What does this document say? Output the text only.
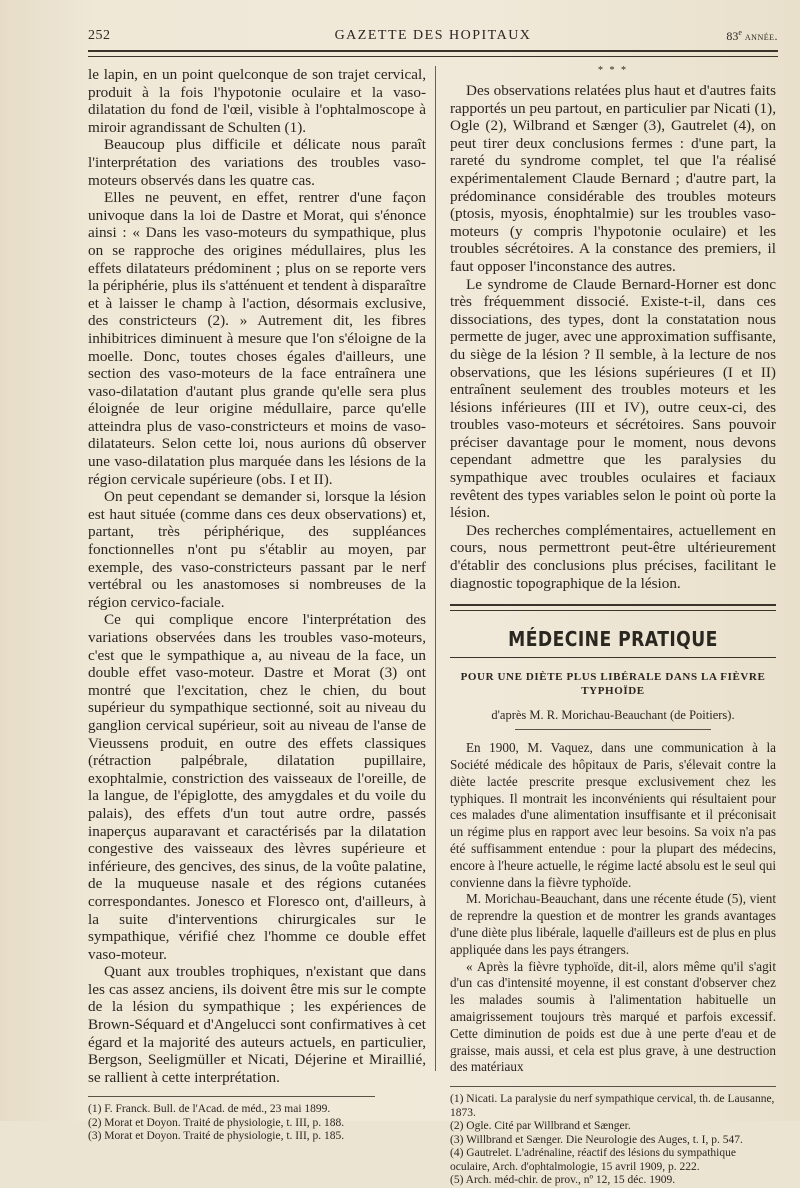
GAZETTE DES HOPITAUX
252	83e année.

le lapin, en un point quelconque de son trajet cervical, produit à la fois l'hypotonie oculaire et la vaso-dilatation du fond de l'œil, visible à l'ophtalmoscope à miroir agrandissant de Schulten (1).

Beaucoup plus difficile et délicate nous paraît l'interprétation des variations des troubles vaso-moteurs observés dans les quatre cas.

Elles ne peuvent, en effet, rentrer d'une façon univoque dans la loi de Dastre et Morat, qui s'énonce ainsi : « Dans les vaso-moteurs du sympathique, plus on se rapproche des origines médullaires, plus les effets dilatateurs prédominent ; plus on se reporte vers la périphérie, plus ils s'atténuent et tendent à disparaître et à laisser le champ à l'action, désormais exclusive, des constricteurs (2). » Autrement dit, les fibres inhibitrices diminuent à mesure que l'on s'éloigne de la moelle. Donc, toutes choses égales d'ailleurs, une section des vaso-moteurs de la face entraînera une vaso-dilatation d'autant plus grande qu'elle sera plus éloignée de leur origine médullaire, parce qu'elle atteindra plus de vaso-constricteurs et moins de vaso-dilatateurs. Selon cette loi, nous aurions dû observer une vaso-dilatation plus marquée dans les lésions de la région cervicale supérieure (obs. I et II).

On peut cependant se demander si, lorsque la lésion est haut située (comme dans ces deux observations) et, partant, très périphérique, des suppléances fonctionnelles n'ont pu s'établir au moyen, par exemple, des vaso-constricteurs passant par le nerf vertébral ou les anastomoses si nombreuses de la région cervico-faciale.

Ce qui complique encore l'interprétation des variations observées dans les troubles vaso-moteurs, c'est que le sympathique a, au niveau de la face, un double effet vaso-moteur. Dastre et Morat (3) ont montré que l'excitation, chez le chien, du bout supérieur du sympathique sectionné, soit au niveau du ganglion cervical supérieur, soit au niveau de l'anse de Vieussens produit, en outre des effets classiques (rétraction palpébrale, dilatation pupillaire, exophtalmie, constriction des vaisseaux de l'oreille, de la langue, de l'épiglotte, des amygdales et du voile du palais), des effets d'un tout autre ordre, passés inaperçus auparavant et caractérisés par la dilatation congestive des vaisseaux des lèvres supérieure et inférieure, des gencives, des sinus, de la voûte palatine, de la muqueuse nasale et des régions cutanées correspondantes. Jonesco et Floresco ont, d'ailleurs, à la suite d'interventions chirurgicales sur le sympathique, vérifié chez l'homme ce double effet vaso-moteur.

Quant aux troubles trophiques, n'existant que dans les cas assez anciens, ils doivent être mis sur le compte de la lésion du sympathique ; les expériences de Brown-Séquard et d'Angelucci sont confirmatives à cet égard et la majorité des auteurs actuels, en particulier, Bergson, Seeligmüller et Nicati, Déjerine et Miraillié, se rallient à cette interprétation.

(1) F. Franck. Bull. de l'Acad. de méd., 23 mai 1899.
(2) Morat et Doyon. Traité de physiologie, t. III, p. 188.
(3) Morat et Doyon. Traité de physiologie, t. III, p. 185.
* * *

Des observations relatées plus haut et d'autres faits rapportés un peu partout, en particulier par Nicati (1), Ogle (2), Wilbrand et Sænger (3), Gautrelet (4), on peut tirer deux conclusions fermes : d'une part, la rareté du syndrome complet, tel que l'a réalisé expérimentalement Claude Bernard ; d'autre part, la prédominance considérable des troubles moteurs (ptosis, myosis, énophtalmie) sur les troubles vaso-moteurs (y compris l'hypotonie oculaire) et les troubles sécrétoires. A la constance des premiers, il faut opposer l'inconstance des autres.

Le syndrome de Claude Bernard-Horner est donc très fréquemment dissocié. Existe-t-il, dans ces dissociations, des types, dont la constatation nous permette de juger, avec une approximation suffisante, du siège de la lésion ? Il semble, à la lecture de nos observations, que les lésions supérieures (I et II) entraînent seulement des troubles moteurs et les lésions inférieures (III et IV), outre ceux-ci, des troubles vaso-moteurs et sécrétoires. Sans pouvoir préciser davantage pour le moment, nous devons cependant admettre que les paralysies du sympathique avec troubles oculaires et faciaux revêtent des types variables selon le point où porte la lésion.

Des recherches complémentaires, actuellement en cours, nous permettront peut-être ultérieurement d'établir des conclusions plus précises, facilitant le diagnostic topographique de la lésion.

MÉDECINE PRATIQUE
POUR UNE DIÈTE PLUS LIBÉRALE DANS LA FIÈVRE TYPHOÏDE
d'après M. R. Morichau-Beauchant (de Poitiers).

En 1900, M. Vaquez, dans une communication à la Société médicale des hôpitaux de Paris, s'élevait contre la diète lactée prescrite presque exclusivement chez les typhiques. Il montrait les inconvénients qui résultaient pour ces malades d'une alimentation insuffisante et il préconisait un régime plus en rapport avec leur besoins. Sa voix n'a pas été suffisamment entendue : pour la plupart des médecins, encore à l'heure actuelle, le régime lacté absolu est le seul qui convienne dans la fièvre typhoïde.

M. Morichau-Beauchant, dans une récente étude (5), vient de reprendre la question et de montrer les grands avantages d'une diète plus libérale, laquelle d'ailleurs est de plus en plus appliquée dans les pays étrangers.

« Après la fièvre typhoïde, dit-il, alors même qu'il s'agit d'un cas d'intensité moyenne, il est constant d'observer chez les malades soumis à l'alimentation habituelle un amaigrissement toujours très marqué et parfois excessif. Cette diminution de poids est due à une perte d'eau et de graisse, mais aussi, et cela est plus grave, à une destruction des matériaux

(1) Nicati. La paralysie du nerf sympathique cervical, th. de Lausanne, 1873.
(2) Ogle. Cité par Willbrand et Sænger.
(3) Willbrand et Sænger. Die Neurologie des Auges, t. I, p. 547.
(4) Gautrelet. L'adrénaline, réactif des lésions du sympathique oculaire, Arch. d'ophtalmologie, 15 avril 1909, p. 222.
(5) Arch. méd-chir. de prov., nº 12, 15 déc. 1909.
